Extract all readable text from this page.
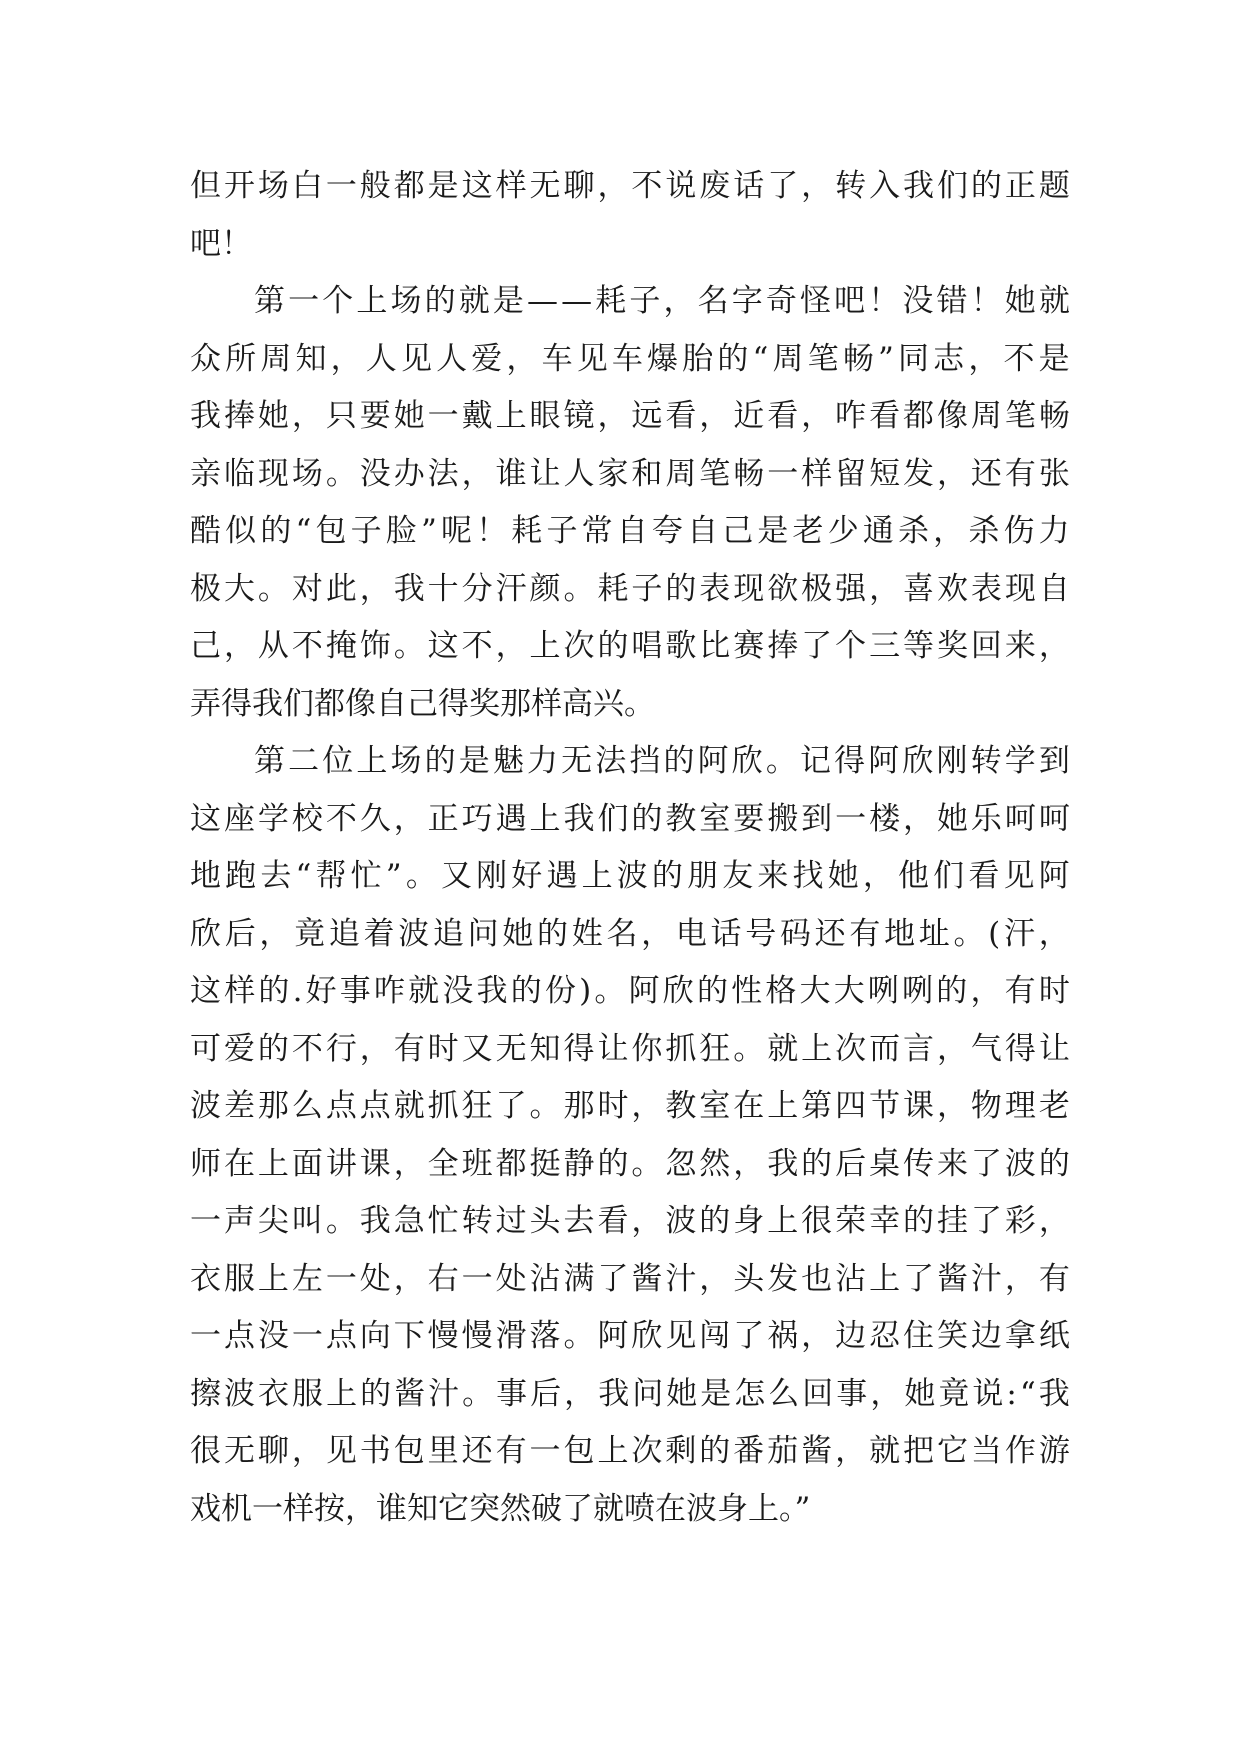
但 开 场 白 一 般 都 是 这 样 无 聊 ， 不 说 废 话 了 ， 转 入 我 们 的 正 题
吧！
第 一 个 上 场 的 就 是 — — 耗 子 ， 名 字 奇 怪 吧 ！ 没 错 ！ 她 就
众 所 周 知 ， 人 见 人 爱 ， 车 见 车 爆 胎 的 “ 周 笔 畅 ” 同 志 ， 不 是
我 捧 她 ， 只 要 她 一 戴 上 眼 镜 ， 远 看 ， 近 看 ， 咋 看 都 像 周 笔 畅
亲 临 现 场 。 没 办 法 ， 谁 让 人 家 和 周 笔 畅 一 样 留 短 发 ， 还 有 张
酷 似 的 “ 包 子 脸 ” 呢 ！ 耗 子 常 自 夸 自 己 是 老 少 通 杀 ， 杀 伤 力
极 大 。 对 此 ， 我 十 分 汗 颜 。 耗 子 的 表 现 欲 极 强 ， 喜 欢 表 现 自
己 ， 从 不 掩 饰 。 这 不 ， 上 次 的 唱 歌 比 赛 捧 了 个 三 等 奖 回 来 ，
弄得我们都像自己得奖那样高兴。
第 二 位 上 场 的 是 魅 力 无 法 挡 的 阿 欣 。 记 得 阿 欣 刚 转 学 到
这 座 学 校 不 久 ， 正 巧 遇 上 我 们 的 教 室 要 搬 到 一 楼 ， 她 乐 呵 呵
地 跑 去 “ 帮 忙 ” 。 又 刚 好 遇 上 波 的 朋 友 来 找 她 ， 他 们 看 见 阿
欣 后 ， 竟 追 着 波 追 问 她 的 姓 名 ， 电 话 号 码 还 有 地 址 。 ( 汗 ，
这 样 的 . 好 事 咋 就 没 我 的 份 ) 。 阿 欣 的 性 格 大 大 咧 咧 的 ， 有 时
可 爱 的 不 行 ， 有 时 又 无 知 得 让 你 抓 狂 。 就 上 次 而 言 ， 气 得 让
波 差 那 么 点 点 就 抓 狂 了 。 那 时 ， 教 室 在 上 第 四 节 课 ， 物 理 老
师 在 上 面 讲 课 ， 全 班 都 挺 静 的 。 忽 然 ， 我 的 后 桌 传 来 了 波 的
一 声 尖 叫 。 我 急 忙 转 过 头 去 看 ， 波 的 身 上 很 荣 幸 的 挂 了 彩 ，
衣 服 上 左 一 处 ， 右 一 处 沾 满 了 酱 汁 ， 头 发 也 沾 上 了 酱 汁 ， 有
一 点 没 一 点 向 下 慢 慢 滑 落 。 阿 欣 见 闯 了 祸 ， 边 忍 住 笑 边 拿 纸
擦 波 衣 服 上 的 酱 汁 。 事 后 ， 我 问 她 是 怎 么 回 事 ， 她 竟 说 : “ 我
很 无 聊 ， 见 书 包 里 还 有 一 包 上 次 剩 的 番 茄 酱 ， 就 把 它 当 作 游
戏机一样按，谁知它突然破了就喷在波身上。”
